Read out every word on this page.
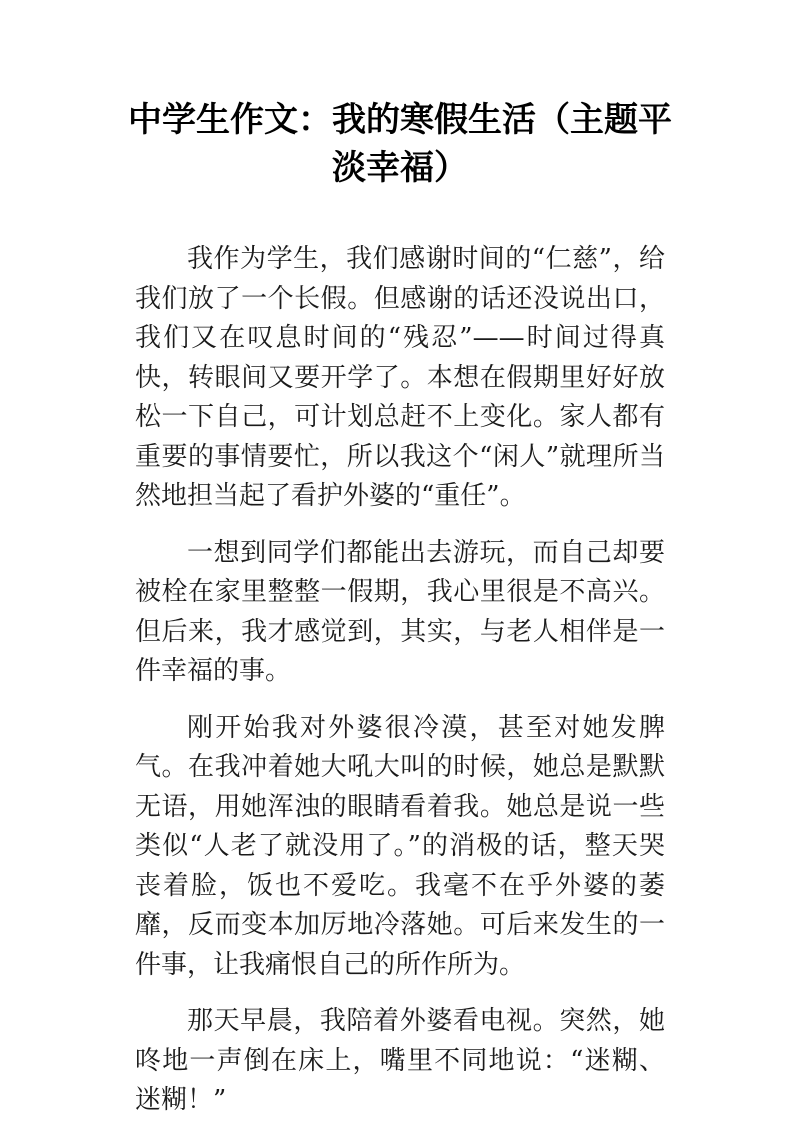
中学生作文：我的寒假生活（主题平淡幸福）

我作为学生，我们感谢时间的“仁慈”，给我们放了一个长假。但感谢的话还没说出口，我们又在叹息时间的“残忍”——时间过得真快，转眼间又要开学了。本想在假期里好好放松一下自己，可计划总赶不上变化。家人都有重要的事情要忙，所以我这个“闲人”就理所当然地担当起了看护外婆的“重任”。

一想到同学们都能出去游玩，而自己却要被栓在家里整整一假期，我心里很是不高兴。但后来，我才感觉到，其实，与老人相伴是一件幸福的事。

刚开始我对外婆很冷漠，甚至对她发脾气。在我冲着她大吼大叫的时候，她总是默默无语，用她浑浊的眼睛看着我。她总是说一些类似“人老了就没用了。”的消极的话，整天哭丧着脸，饭也不爱吃。我毫不在乎外婆的萎靡，反而变本加厉地冷落她。可后来发生的一件事，让我痛恨自己的所作所为。

那天早晨，我陪着外婆看电视。突然，她咚地一声倒在床上，嘴里不同地说：“迷糊、迷糊！”
